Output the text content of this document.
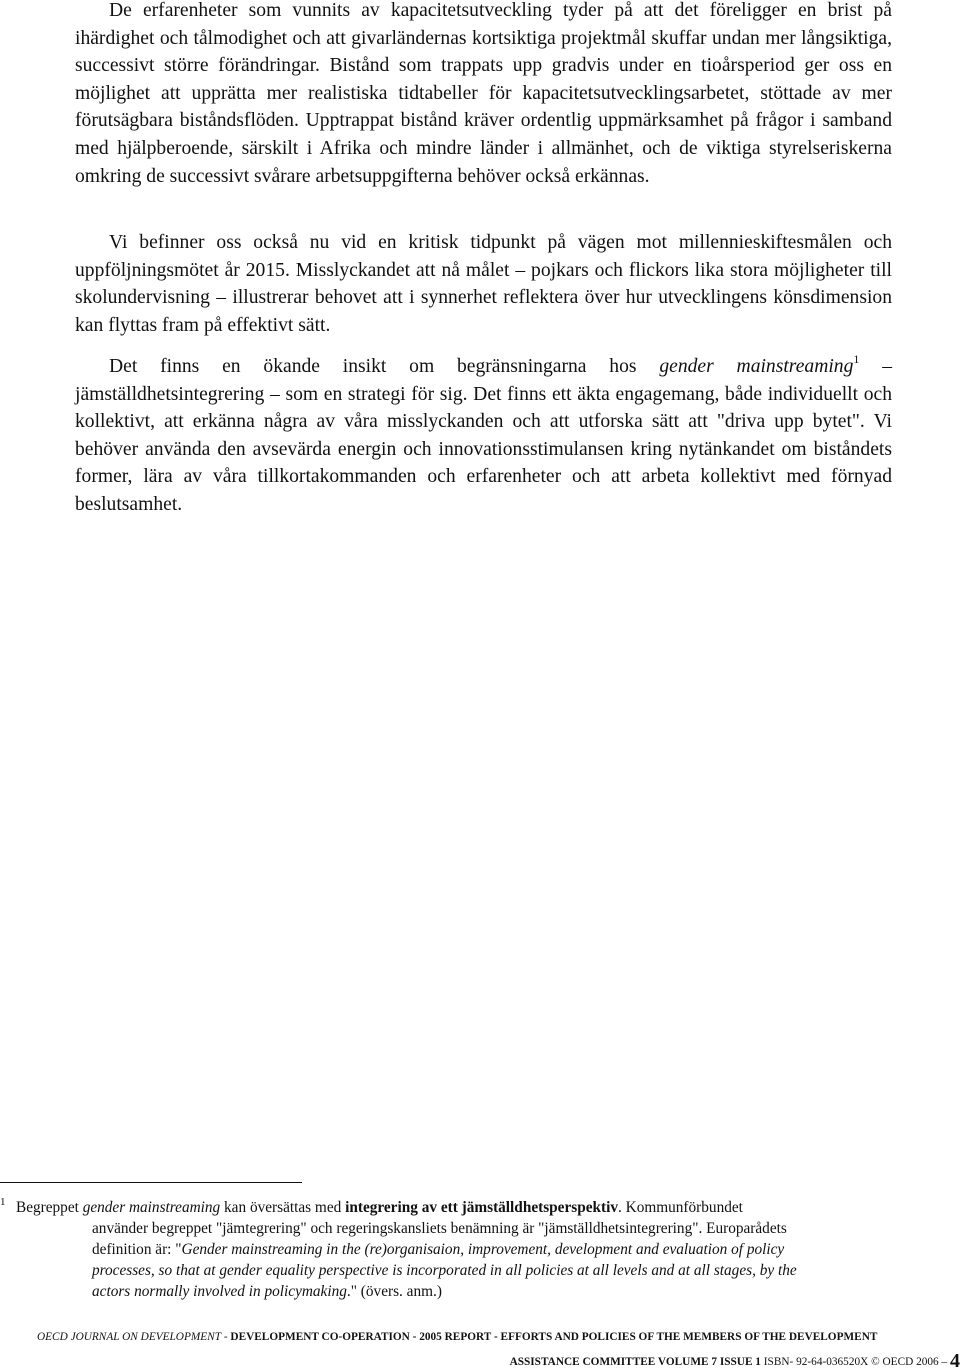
De erfarenheter som vunnits av kapacitetsutveckling tyder på att det föreligger en brist på ihärdighet och tålmodighet och att givarländernas kortsiktiga projektmål skuffar undan mer långsiktiga, successivt större förändringar. Bistånd som trappats upp gradvis under en tioårsperiod ger oss en möjlighet att upprätta mer realistiska tidtabeller för kapacitetsutvecklingsarbetet, stöttade av mer förutsägbara biståndsflöden. Upptrappat bistånd kräver ordentlig uppmärksamhet på frågor i samband med hjälpberoende, särskilt i Afrika och mindre länder i allmänhet, och de viktiga styrelseriskerna omkring de successivt svårare arbetsuppgifterna behöver också erkännas.

Vi befinner oss också nu vid en kritisk tidpunkt på vägen mot millennieskiftesmålen och uppföljningsmötet år 2015. Misslyckandet att nå målet – pojkars och flickors lika stora möjligheter till skolundervisning – illustrerar behovet att i synnerhet reflektera över hur utvecklingens könsdimension kan flyttas fram på effektivt sätt.

Det finns en ökande insikt om begränsningarna hos gender mainstreaming$^1$ – jämställdhetsintegrering – som en strategi för sig. Det finns ett äkta engagemang, både individuellt och kollektivt, att erkänna några av våra misslyckanden och att utforska sätt att "driva upp bytet". Vi behöver använda den avsevärda energin och innovationsstimulansen kring nytänkandet om biståndets former, lära av våra tillkortakommanden och erfarenheter och att arbeta kollektivt med förnyad beslutsamhet.

1 Begreppet gender mainstreaming kan översättas med integrering av ett jämställdhetsperspektiv. Kommunförbundet
använder begreppet "jämtegrering" och regeringskansliets benämning är "jämställdhetsintegrering". Europarådets
definition är: "Gender mainstreaming in the (re)organisaion, improvement, development and evaluation of policy
processes, so that at gender equality perspective is incorporated in all policies at all levels and at all stages, by the
actors normally involved in policymaking." (övers. anm.)
OECD JOURNAL ON DEVELOPMENT - DEVELOPMENT CO-OPERATION - 2005 REPORT - EFFORTS AND POLICIES OF THE MEMBERS OF THE DEVELOPMENT
ASSISTANCE COMMITTEE VOLUME 7 ISSUE 1 ISBN- 92-64-036520X © OECD 2006 – 4
